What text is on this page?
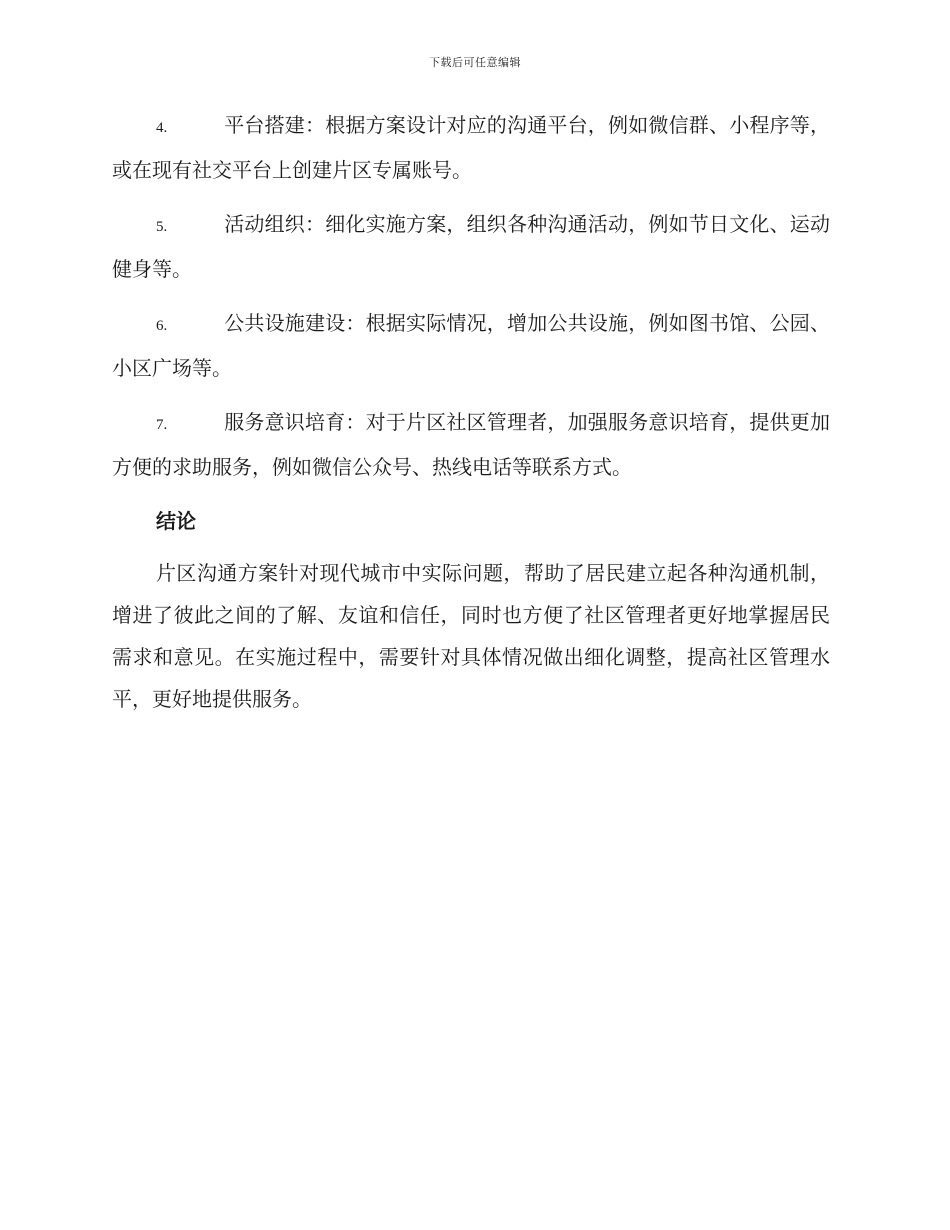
下载后可任意编辑

4.	平台搭建：根据方案设计对应的沟通平台，例如微信群、小程序等，或在现有社交平台上创建片区专属账号。

5.	活动组织：细化实施方案，组织各种沟通活动，例如节日文化、运动健身等。

6.	公共设施建设：根据实际情况，增加公共设施，例如图书馆、公园、小区广场等。

7.	服务意识培育：对于片区社区管理者，加强服务意识培育，提供更加方便的求助服务，例如微信公众号、热线电话等联系方式。

结论

片区沟通方案针对现代城市中实际问题，帮助了居民建立起各种沟通机制，增进了彼此之间的了解、友谊和信任，同时也方便了社区管理者更好地掌握居民需求和意见。在实施过程中，需要针对具体情况做出细化调整，提高社区管理水平，更好地提供服务。
